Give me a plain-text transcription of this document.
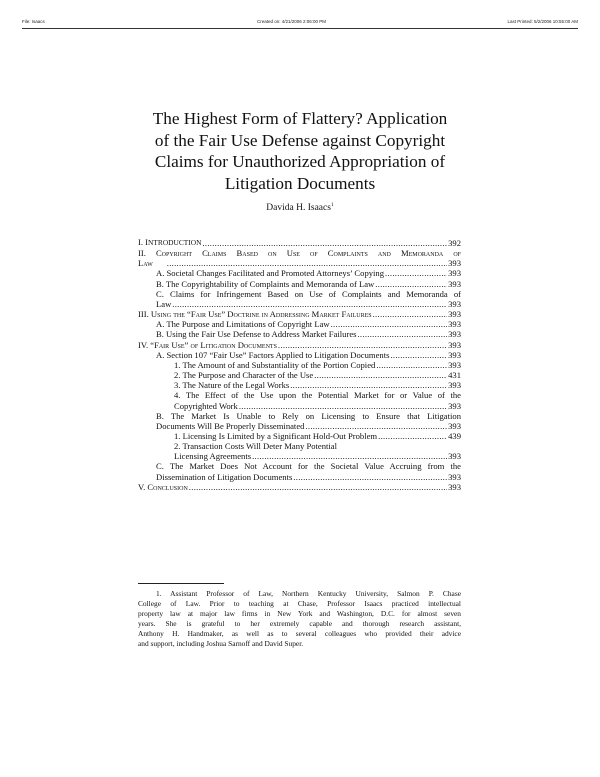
File: Isaacs	Created on: 4/21/2006 2:06:00 PM	Last Printed: 5/2/2006 10:55:00 AM
The Highest Form of Flattery? Application
of the Fair Use Defense against Copyright
Claims for Unauthorized Appropriation of
Litigation Documents
Davida H. Isaacs$^1$
I. INTRODUCTION .....	392
II. Copyright Claims Based on Use of Complaints and Memoranda of
Law .....	393
A. Societal Changes Facilitated and Promoted Attorneys’ Copying .....	393
B. The Copyrightability of Complaints and Memoranda of Law .....	393
C. Claims for Infringement Based on Use of Complaints and Memoranda of
Law .....	393
III. Using the “Fair Use” Doctrine in Addressing Market Failures .....	393
A. The Purpose and Limitations of Copyright Law .....	393
B. Using the Fair Use Defense to Address Market Failures .....	393
IV. “Fair Use” of Litigation Documents .....	393
A. Section 107 “Fair Use” Factors Applied to Litigation Documents .....	393
1. The Amount of and Substantiality of the Portion Copied .....	393
2. The Purpose and Character of the Use .....	431
3. The Nature of the Legal Works .....	393
4. The Effect of the Use upon the Potential Market for or Value of the
Copyrighted Work .....	393
B. The Market Is Unable to Rely on Licensing to Ensure that Litigation
Documents Will Be Properly Disseminated .....	393
1. Licensing Is Limited by a Significant Hold-Out Problem .....	439
2. Transaction Costs Will Deter Many Potential
Licensing Agreements .....	393
C. The Market Does Not Account for the Societal Value Accruing from the
Dissemination of Litigation Documents .....	393
V. Conclusion .....	393
1. Assistant Professor of Law, Northern Kentucky University, Salmon P. Chase
College of Law. Prior to teaching at Chase, Professor Isaacs practiced intellectual
property law at major law firms in New York and Washington, D.C. for almost seven
years. She is grateful to her extremely capable and thorough research assistant,
Anthony H. Handmaker, as well as to several colleagues who provided their advice
and support, including Joshua Sarnoff and David Super.
